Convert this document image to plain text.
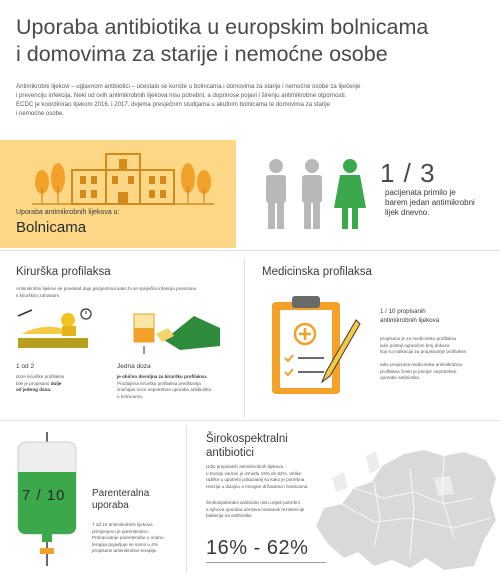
Uporaba antibiotika u europskim bolnicama
i domovima za starije i nemoćne osobe
Antimikrobni lijekovi – uglavnom antibiotici – učestalo se koriste u bolnicama i domovima za starije i nemoćne osobe za liječenje
i prevenciju infekcija. Neki od ovih antimikrobnih lijekova nisu potrebni, a doprinose pojavi i širenju antimikrobne otpornosti.
ECDC je koordinirao tijekom 2016. i 2017. dvjema presječnim studijama u akutnim bolnicama te domovima za starije
i nemoćne osobe.
Uporaba antimikrobnih lijekova u:
Bolnicama
1 / 3
pacijenata primilo je
barem jedan antimikrobni
lijek dnevno.
Kirurška profilaksa
Antimikrobni lijekovi se ponekad daju pacijentima kako bi se spriječila infekcija povezana
s kirurškim zahvatom.
1 od 2
doze kirurške profilakse
bile je propisano dulje
od jednog dana.
Jedna doza
je obično dovoljna za kiruršku profilaksu.
Produljena kirurška profilaksa predstavlja
značajan izvor nepotrebne uporabe antibiotika
u bolnicama.
Medicinska profilaksa
1 / 10 propisanih
antimikrobnih lijekova
propisano je za medicinsku profilaksu
iako postoji ograničen broj dokaza
koji su indikacija za propisivanje profilakse.
Iako propisana medicinska antimikrobna
profilaksa često je primjer nepotrebne
uporabe antibiotika.
7 / 10	Parenteralna
uporaba
7 od 10 antimikrobnih lijekova
primjenjeno je parenteralno.
Prebacivanje parenteralne u oralnu
terapiju pojavljuje se samo u 4%
propisane antimikrobne terapije.
Širokospektralni
antibiotici
Udio propisanih antimikrobnih lijekova
u Europi varirao je između 16% do 62%. Velike
razlike u upotrebi pokazatelj su kako je potrebna
revizija u dizajnu a mnogim državama i bolnicama.
Širokospektralni antibiotici nisu uvijek potrebni,
a njihova uporaba ubrzava nastanak rezistencije
bakterija na antibiotike
16% - 62%
